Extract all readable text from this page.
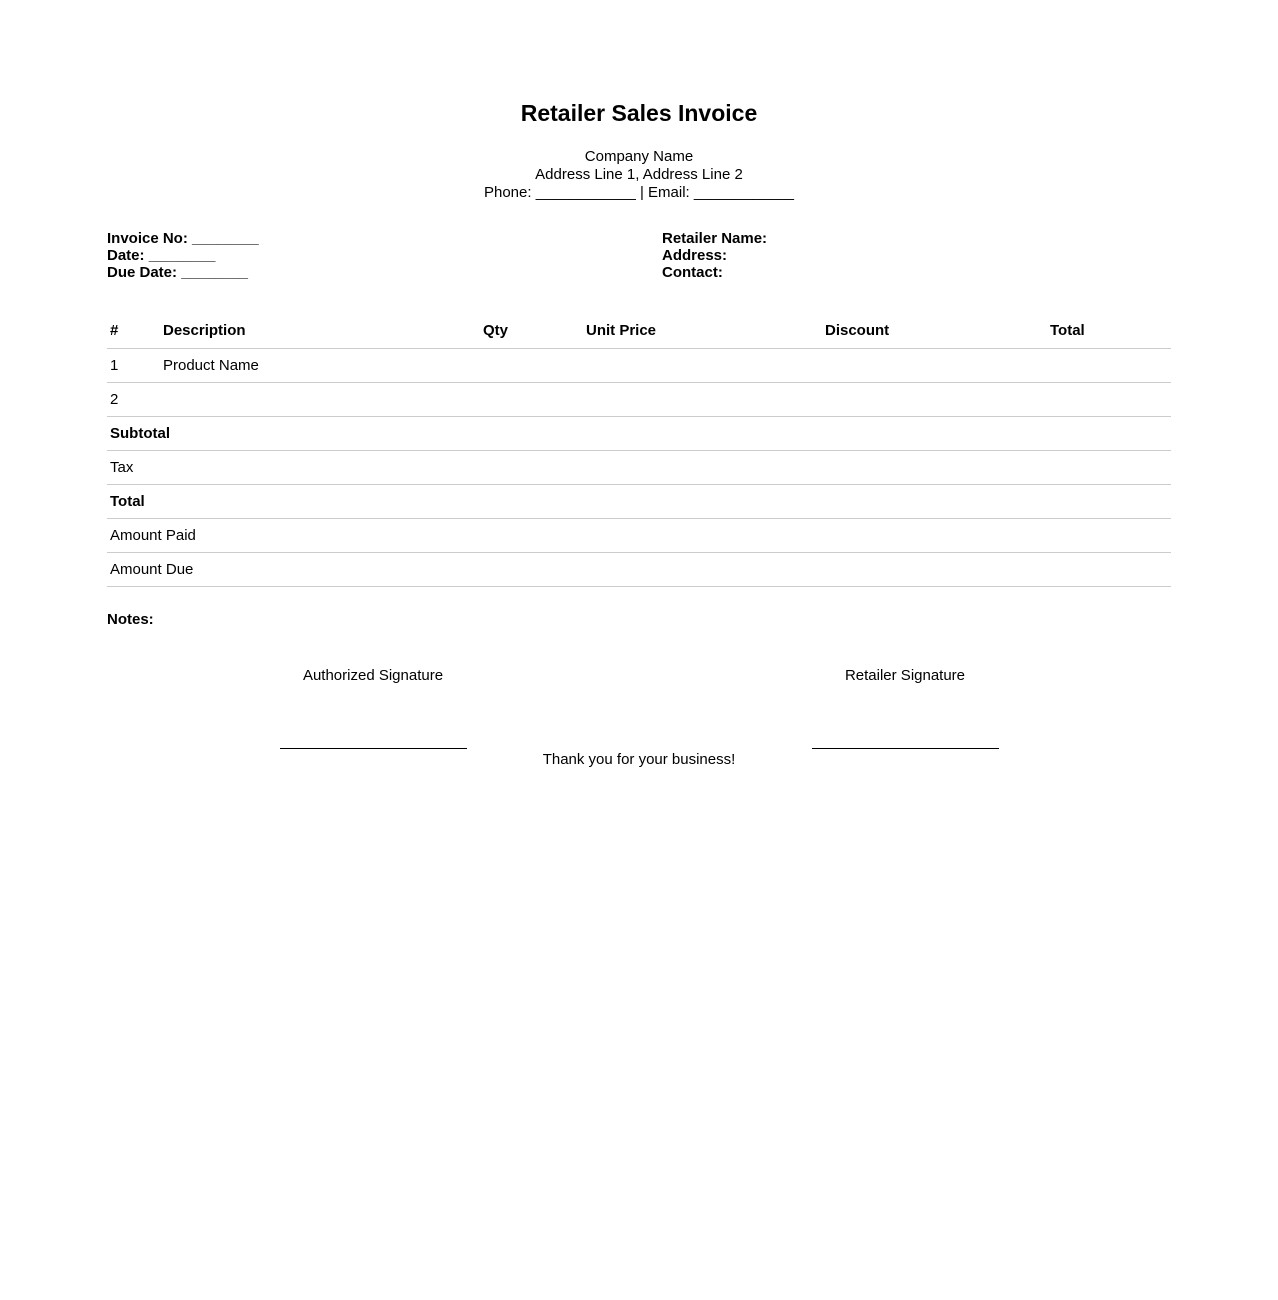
Retailer Sales Invoice
Company Name
Address Line 1, Address Line 2
Phone: ____________ | Email: ____________
Invoice No: ________
Date: ________
Due Date: ________
Retailer Name:
Address:
Contact:
#	Description	Qty	Unit Price	Discount	Total
1	Product Name				
2					
Subtotal					
Tax					
Total					
Amount Paid					
Amount Due					
Notes:
Authorized Signature	Retailer Signature
Thank you for your business!
